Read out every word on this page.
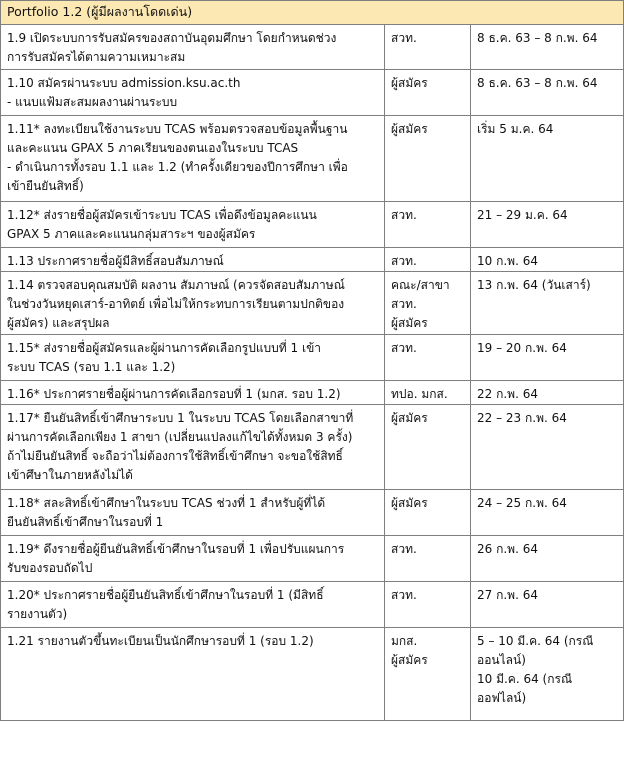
Portfolio 1.2 (ผู้มีผลงานโดดเด่น)		

1.9 เปิดระบบการรับสมัครของสถาบันอุดมศึกษา โดยกำหนดช่วง
การรับสมัครได้ตามความเหมาะสม	สวท.	8 ธ.ค. 63 – 8 ก.พ. 64

1.10 สมัครผ่านระบบ admission.ksu.ac.th
- แนบแฟ้มสะสมผลงานผ่านระบบ	ผู้สมัคร	8 ธ.ค. 63 – 8 ก.พ. 64

1.11* ลงทะเบียนใช้งานระบบ TCAS พร้อมตรวจสอบข้อมูลพื้นฐาน
และคะแนน GPAX 5 ภาคเรียนของตนเองในระบบ TCAS
- ดำเนินการทั้งรอบ 1.1 และ 1.2 (ทำครั้งเดียวของปีการศึกษา เพื่อ
เข้ายืนยันสิทธิ์)	ผู้สมัคร	เริ่ม 5 ม.ค. 64

1.12* ส่งรายชื่อผู้สมัครเข้าระบบ TCAS เพื่อดึงข้อมูลคะแนน
GPAX 5 ภาคและคะแนนกลุ่มสาระฯ ของผู้สมัคร	สวท.	21 – 29 ม.ค. 64

1.13 ประกาศรายชื่อผู้มีสิทธิ์สอบสัมภาษณ์	สวท.	10 ก.พ. 64

1.14 ตรวจสอบคุณสมบัติ ผลงาน สัมภาษณ์ (ควรจัดสอบสัมภาษณ์
ในช่วงวันหยุดเสาร์-อาทิตย์ เพื่อไม่ให้กระทบการเรียนตามปกติของ
ผู้สมัคร) และสรุปผล	คณะ/สาขา
สวท.
ผู้สมัคร	13 ก.พ. 64 (วันเสาร์)

1.15* ส่งรายชื่อผู้สมัครและผู้ผ่านการคัดเลือกรูปแบบที่ 1 เข้า
ระบบ TCAS (รอบ 1.1 และ 1.2)	สวท.	19 – 20 ก.พ. 64

1.16* ประกาศรายชื่อผู้ผ่านการคัดเลือกรอบที่ 1 (มกส. รอบ 1.2)	ทปอ. มกส.	22 ก.พ. 64

1.17* ยืนยันสิทธิ์เข้าศึกษาระบบ 1 ในระบบ TCAS โดยเลือกสาขาที่
ผ่านการคัดเลือกเพียง 1 สาขา (เปลี่ยนแปลงแก้ไขได้ทั้งหมด 3 ครั้ง)
ถ้าไม่ยืนยันสิทธิ์ จะถือว่าไม่ต้องการใช้สิทธิ์เข้าศึกษา จะขอใช้สิทธิ์
เข้าศึษาในภายหลังไม่ได้	ผู้สมัคร	22 – 23 ก.พ. 64

1.18* สละสิทธิ์เข้าศึกษาในระบบ TCAS ช่วงที่ 1 สำหรับผู้ที่ได้
ยืนยันสิทธิ์เข้าศึกษาในรอบที่ 1	ผู้สมัคร	24 – 25 ก.พ. 64

1.19* ดึงรายชื่อผู้ยืนยันสิทธิ์เข้าศึกษาในรอบที่ 1 เพื่อปรับแผนการ
รับของรอบถัดไป	สวท.	26 ก.พ. 64

1.20* ประกาศรายชื่อผู้ยืนยันสิทธิ์เข้าศึกษาในรอบที่ 1 (มีสิทธิ์
รายงานตัว)	สวท.	27 ก.พ. 64

1.21 รายงานตัวขึ้นทะเบียนเป็นนักศึกษารอบที่ 1 (รอบ 1.2)	มกส.
ผู้สมัคร	5 – 10 มี.ค. 64 (กรณี
ออนไลน์)
10 มี.ค. 64 (กรณี
ออฟไลน์)
